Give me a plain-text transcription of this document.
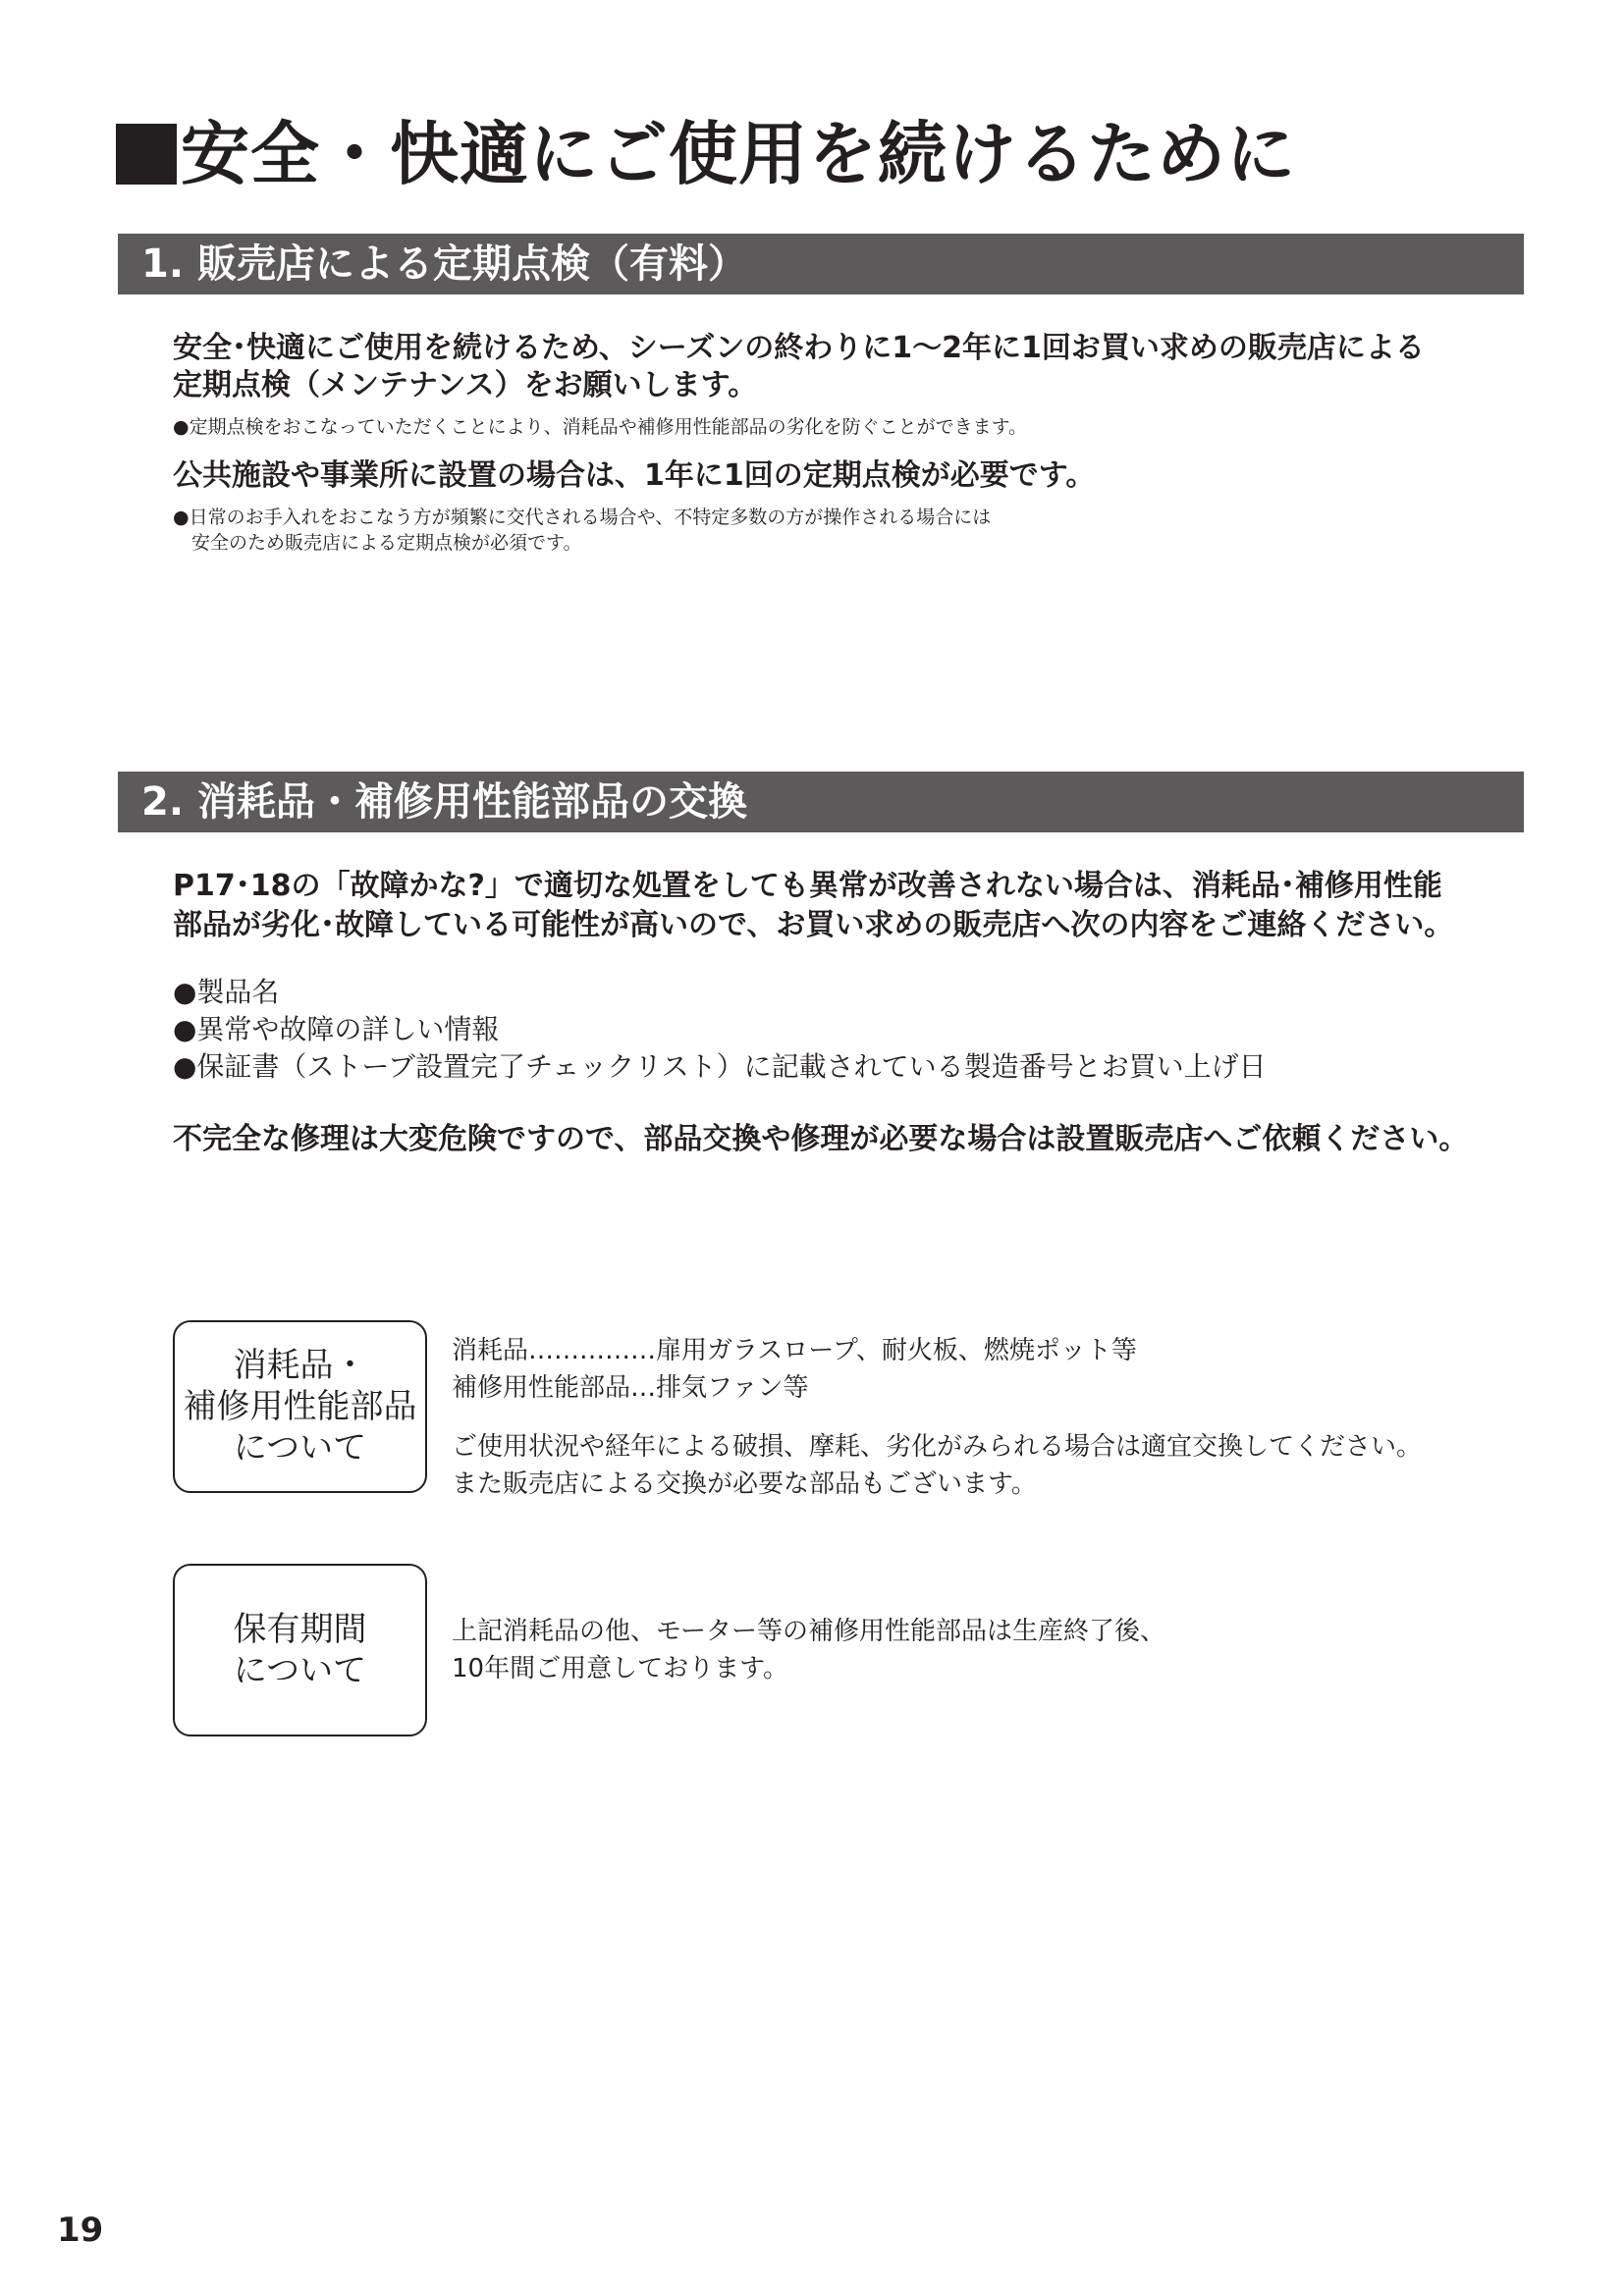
安全・快適にご使用を続けるために
1. 販売店による定期点検（有料）
安全･快適にご使用を続けるため、シーズンの終わりに1～2年に1回お買い求めの販売店による
定期点検（メンテナンス）をお願いします。
●定期点検をおこなっていただくことにより、消耗品や補修用性能部品の劣化を防ぐことができます。
公共施設や事業所に設置の場合は、1年に1回の定期点検が必要です。
●日常のお手入れをおこなう方が頻繁に交代される場合や、不特定多数の方が操作される場合には
　安全のため販売店による定期点検が必須です。
2. 消耗品・補修用性能部品の交換
P17･18の「故障かな?」で適切な処置をしても異常が改善されない場合は、消耗品･補修用性能
部品が劣化･故障している可能性が高いので、お買い求めの販売店へ次の内容をご連絡ください。
●製品名
●異常や故障の詳しい情報
●保証書（ストーブ設置完了チェックリスト）に記載されている製造番号とお買い上げ日
不完全な修理は大変危険ですので、部品交換や修理が必要な場合は設置販売店へご依頼ください。
消耗品・
補修用性能部品
について
消耗品……………扉用ガラスロープ、耐火板、燃焼ポット等
補修用性能部品…排気ファン等
ご使用状況や経年による破損、摩耗、劣化がみられる場合は適宜交換してください。
また販売店による交換が必要な部品もございます。
保有期間
について
上記消耗品の他、モーター等の補修用性能部品は生産終了後、
10年間ご用意しております。
19
